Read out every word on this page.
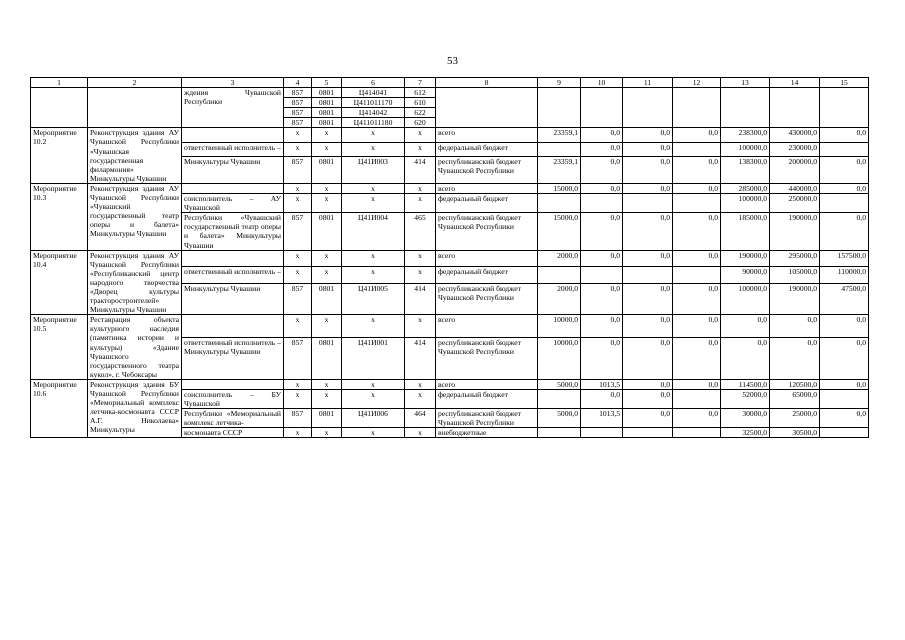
53
1	2	3	4	5	6	7	8	9	10	11	12	13	14	15
		ждения Чувашской Республики	857	0801	Ц414041	612								
			857	0801	Ц411011170	610								
			857	0801	Ц414042	622								
			857	0801	Ц411011180	620								
Мероприятие 10.2	Реконструкция здания АУ Чувашской Республики «Чувашская государственная филармония» Минкультуры Чувашии		х	х	х	х	всего	23359,1	0,0	0,0	0,0	238300,0	430000,0	0,0
		ответственный исполнитель –	х	х	х	х	федеральный бюджет		0,0	0,0		100000,0	230000,0	
		Минкультуры Чувашии	857	0801	Ц41И003	414	республиканский бюджет Чувашской Республики	23359,1	0,0	0,0	0,0	138300,0	200000,0	0,0
Мероприятие 10.3	Реконструкция здания АУ Чувашской Республики «Чувашский государственный театр оперы и балета» Минкультуры Чувашии		х	х	х	х	всего	15000,0	0,0	0,0	0,0	285000,0	440000,0	0,0
		соисполнитель – АУ Чувашской	х	х	х	х	федеральный бюджет					100000,0	250000,0	
		Республики «Чувашский государственный театр оперы и балета» Минкультуры Чувашии	857	0801	Ц41И004	465	республиканский бюджет Чувашской Республики	15000,0	0,0	0,0	0,0	185000,0	190000,0	0,0
Мероприятие 10.4	Реконструкция здания АУ Чувашской Республики «Республиканский центр народного творчества «Дворец культуры тракторостроителей» Минкультуры Чувашии		х	х	х	х	всего	2000,0	0,0	0,0	0,0	190000,0	295000,0	157500,0
		ответственный исполнитель –	х	х	х	х	федеральный бюджет					90000,0	105000,0	110000,0
		Минкультуры Чувашии	857	0801	Ц41И005	414	республиканский бюджет Чувашской Республики	2000,0	0,0	0,0	0,0	100000,0	190000,0	47500,0
Мероприятие 10.5	Реставрация объекта культурного наследия (памятника истории и культуры) «Здание Чувашского государственного театра кукол», г. Чебоксары		х	х	х	х	всего	10000,0	0,0	0,0	0,0	0,0	0,0	0,0
		ответственный исполнитель – Минкультуры Чувашии	857	0801	Ц41И001	414	республиканский бюджет Чувашской Республики	10000,0	0,0	0,0	0,0	0,0	0,0	0,0
Мероприятие 10.6	Реконструкция здания БУ Чувашской Республики «Мемориальный комплекс летчика-космонавта СССР А.Г. Николаева» Минкультуры		х	х	х	х	всего	5000,0	1013,5	0,0	0,0	114500,0	120500,0	0,0
		соисполнитель – БУ Чувашской	х	х	х	х	федеральный бюджет		0,0	0,0		52000,0	65000,0	
		Республики «Мемориальный комплекс летчика-	857	0801	Ц41И006	464	республиканский бюджет Чувашской Республики	5000,0	1013,5	0,0	0,0	30000,0	25000,0	0,0
		космонавта СССР	х	х	х	х	внебюджетные					32500,0	30500,0	
